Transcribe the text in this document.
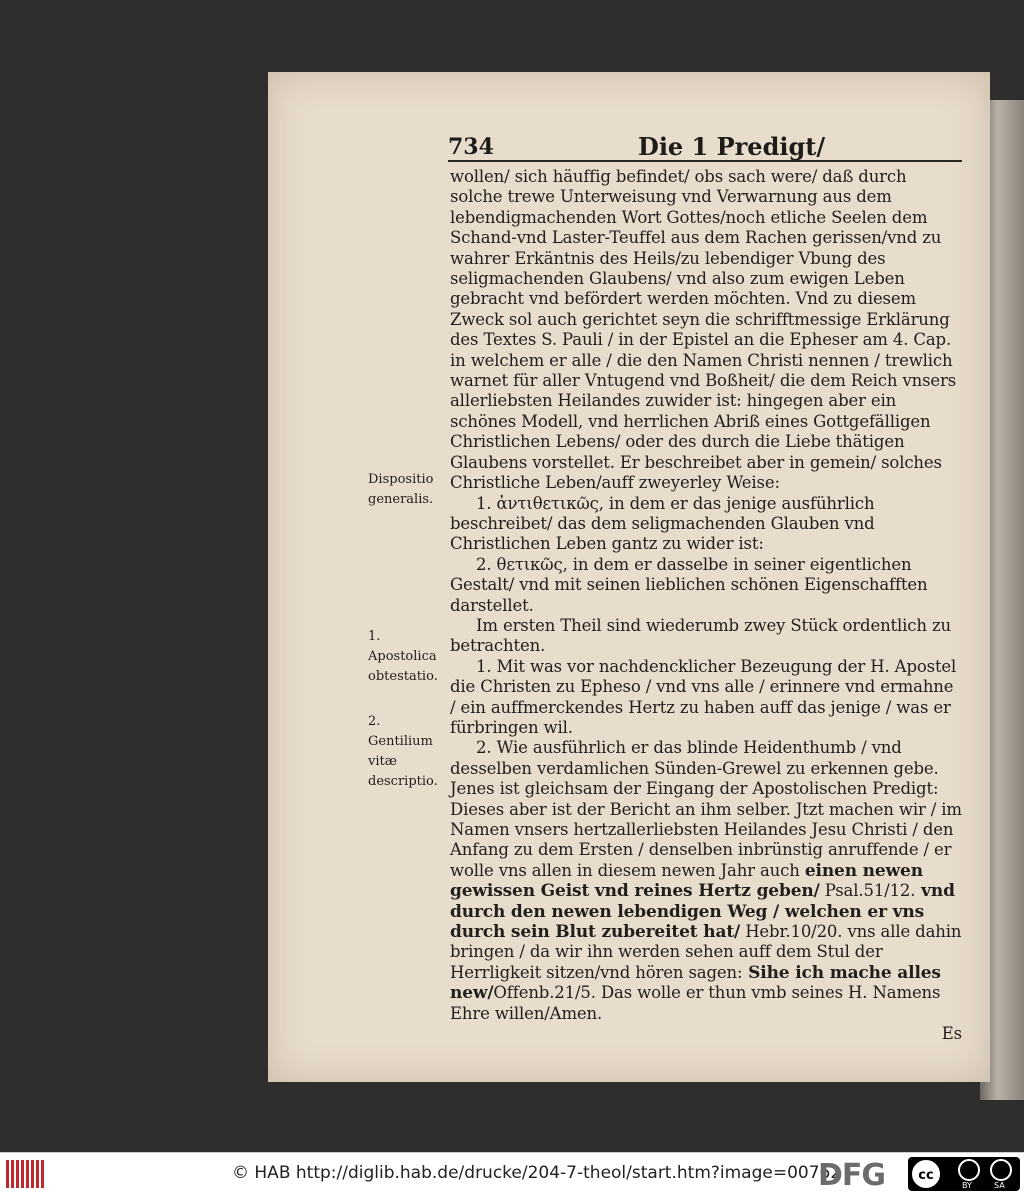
734	Die 1 Predigt/
Dispositio generalis.
1. Apostolica obtestatio.
2. Gentilium vitæ descriptio.

wollen/ sich häuffig befindet/ obs sach were/ daß durch solche trewe Unterweisung vnd Verwarnung aus dem lebendigmachenden Wort Gottes/noch etliche Seelen dem Schand-vnd Laster-Teuffel aus dem Rachen gerissen/vnd zu wahrer Erkäntnis des Heils/zu lebendiger Vbung des seligmachenden Glaubens/ vnd also zum ewigen Leben gebracht vnd befördert werden möchten. Vnd zu diesem Zweck sol auch gerichtet seyn die schrifftmessige Erklärung des Textes S. Pauli / in der Epistel an die Epheser am 4. Cap. in welchem er alle / die den Namen Christi nennen / trewlich warnet für aller Vntugend vnd Boßheit/ die dem Reich vnsers allerliebsten Heilandes zuwider ist: hingegen aber ein schönes Modell, vnd herrlichen Abriß eines Gottgefälligen Christlichen Lebens/ oder des durch die Liebe thätigen Glaubens vorstellet. Er beschreibet aber in gemein/ solches Christliche Leben/auff zweyerley Weise:

1. ἀντιθετικῶς, in dem er das jenige ausführlich beschreibet/ das dem seligmachenden Glauben vnd Christlichen Leben gantz zu wider ist:

2. θετικῶς, in dem er dasselbe in seiner eigentlichen Gestalt/ vnd mit seinen lieblichen schönen Eigenschafften darstellet.

Im ersten Theil sind wiederumb zwey Stück ordentlich zu betrachten.

1. Mit was vor nachdencklicher Bezeugung der H. Apostel die Christen zu Epheso / vnd vns alle / erinnere vnd ermahne / ein auffmerckendes Hertz zu haben auff das jenige / was er fürbringen wil.

2. Wie ausführlich er das blinde Heidenthumb / vnd desselben verdamlichen Sünden-Grewel zu erkennen gebe. Jenes ist gleichsam der Eingang der Apostolischen Predigt: Dieses aber ist der Bericht an ihm selber. Jtzt machen wir / im Namen vnsers hertzallerliebsten Heilandes Jesu Christi / den Anfang zu dem Ersten / denselben inbrünstig anruffende / er wolle vns allen in diesem newen Jahr auch einen newen gewissen Geist vnd reines Hertz geben/ Psal.51/12. vnd durch den newen lebendigen Weg / welchen er vns durch sein Blut zubereitet hat/ Hebr.10/20. vns alle dahin bringen / da wir ihn werden sehen auff dem Stul der Herrligkeit sitzen/vnd hören sagen: Sihe ich mache alles new/Offenb.21/5. Das wolle er thun vmb seines H. Namens Ehre willen/Amen.

Es
© HAB http://diglib.hab.de/drucke/204-7-theol/start.htm?image=00762
DFG	cc
BY	SA
